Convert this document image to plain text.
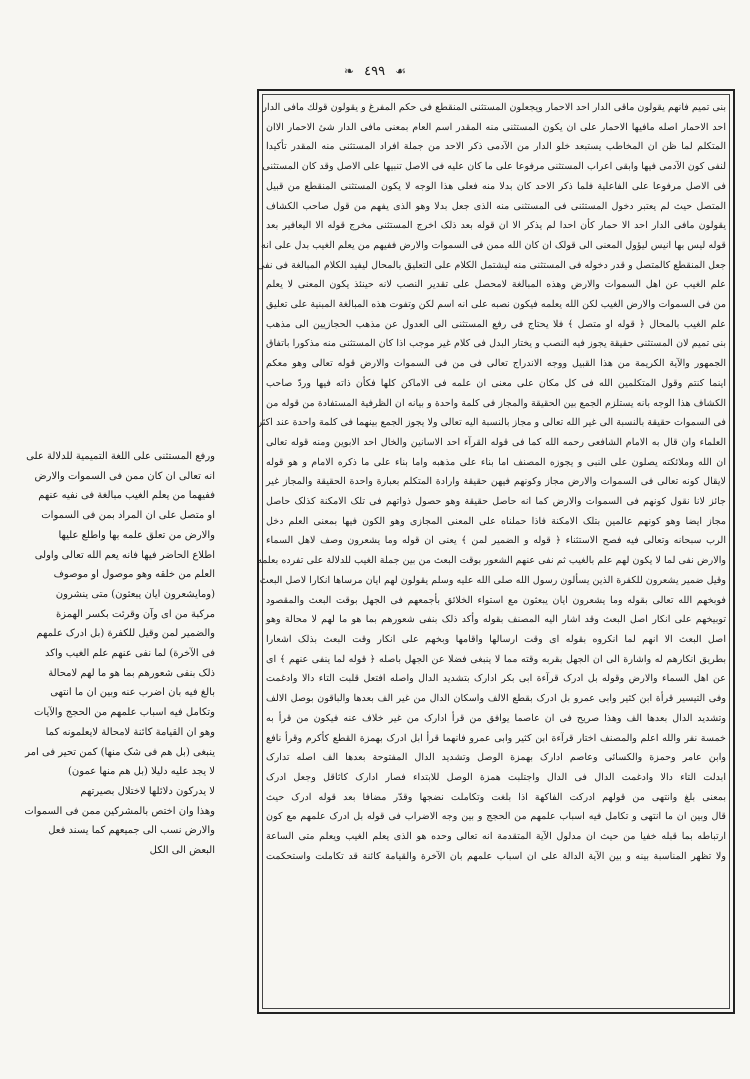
❧ ٤٩٩ ☙

بنی تمیم فانهم یقولون ماقی الدار احد الاحمار ویجعلون المستثنی المنقطع فی حکم المفرغ و یقولون قولك مافی الدار

احد الاحمار اصله مافیها الاحمار علی ان یکون المستثنی منه المقدر اسم العام بمعنی مافی الدار شئ الاحمار الاان

المتکلم لما ظن ان المخاطب یستبعد خلو الدار من الآدمی ذکر الاحد من جملة افراد المستثنی منه المقدر تأکیدا

لنفی کون الآدمی فیها وابقی اعراب المستثنی مرفوعا علی ما کان علیه فی الاصل تنبیها علی الاصل وقد کان المستثنی

فی الاصل مرفوعا علی الفاعلیة فلما ذکر الاحد کان بدلا منه فعلی هذا الوجه لا یکون المستثنی المنقطع من قبیل

المتصل حیث لم یعتبر دخول المستثنی فی المستثنی منه الذی جعل بدلا وهو الذی یفهم من قول صاحب الکشاف

یقولون مافی الدار احد الا حمار کأن احدا لم یذکر الا ان قوله بعد ذلک اخرج المستثنی مخرج قوله الا الیعافیر بعد

قوله لیس بها انیس لیؤول المعنی الی قولک ان کان الله ممن فی السموات والارض ففیهم من یعلم الغیب بدل علی انه

جعل المنقطع کالمتصل و قدر دخوله فی المستثنی منه لیشتمل الکلام علی التعلیق بالمحال لیفید الکلام المبالغة فی نفی

علم الغیب عن اهل السموات والارض وهذه المبالغة لامحصل علی تقدیر النصب لانه حینئذ یکون المعنی لا یعلم

من فی السموات والارض الغیب لکن الله یعلمه فیکون نصبه علی انه اسم لکن وتفوت هذه المبالغة المبنیة علی تعلیق

علم الغیب بالمحال ﴿ قوله او متصل ﴾ فلا یحتاج فی رفع المستثنی الی العدول عن مذهب الحجازیین الی مذهب

بنی تمیم لان المستثنی حقیقة یجوز فیه النصب و یختار البدل فی کلام غیر موجب اذا کان المستثنی منه مذکورا باتفاق

الجمهور والآیة الکریمة من هذا القبیل ووجه الاندراج تعالی فی من فی السموات والارض قوله تعالی وهو معکم

اینما کنتم وقول المتکلمین الله فی کل مکان علی معنی ان علمه فی الاماکن کلها فکأن ذاته فیها وردّ صاحب

الکشاف هذا الوجه بانه یستلزم الجمع بین الحقیقة والمجاز فی کلمة واحدة و بیانه ان الظرفیة المستفادة من قوله من

فی السموات حقیقة بالنسبة الی غیر الله تعالی و مجاز بالنسبة الیه تعالی ولا یجوز الجمع بینهما فی کلمة واحدة عند اکثر

العلماء وان قال به الامام الشافعی رحمه الله کما فی قوله القرآء احد الاسانین والخال احد الابوین ومنه قوله تعالی

ان الله وملائکته یصلون علی النبی و یجوزه المصنف اما بناء علی مذهبه واما بناء علی ما ذکره الامام و هو قوله

لایقال کونه تعالی فی السموات والارض مجاز وکونهم فیهن حقیقة وارادة المتکلم بعبارة واحدة الحقیقة والمجاز غیر

جائز لانا نقول کونهم فی السموات والارض کما انه حاصل حقیقة وهو حصول ذواتهم فی تلک الامکنة کذلک حاصل

مجاز ایضا وهو کونهم عالمین بتلک الامکنة فاذا حملناه علی المعنی المجازی وهو الکون فیها بمعنی العلم دخل

الرب سبحانه وتعالی فیه فصح الاستثناء ﴿ قوله و الضمیر لمن ﴾ یعنی ان قوله وما یشعرون وصف لاهل السماء

والارض نفی لما لا یکون لهم علم بالغیب ثم نفی عنهم الشعور بوقت البعث من بین جملة الغیب للدلالة علی تفرده بعلمه

وقیل ضمیر یشعرون للکفرة الذین یسألون رسول الله صلی الله علیه وسلم یقولون لهم ایان مرساها انکارا لاصل البعث

فوبخهم الله تعالی بقوله وما یشعرون ایان یبعثون مع استواء الخلائق بأجمعهم فی الجهل بوقت البعث والمقصود

توبیخهم علی انکار اصل البعث وقد اشار الیه المصنف بقوله وأکد ذلک بنفی شعورهم بما هو ما لهم لا محالة وهو

اصل البعث الا انهم لما انکروه بقوله ای وقت ارسالها واقامها وبخهم علی انکار وقت البعث بذلک اشعارا

بطریق انکارهم له واشارة الی ان الجهل بقربه وقته مما لا ینبغی فضلا عن الجهل باصله ﴿ قوله لما ینفی عنهم ﴾ ای

عن اهل السماء والارض وقوله بل ادرک قرآءة ابی بکر ادارک بتشدید الدال واصله افتعل قلبت التاء دالا وادغمت

وفی التیسیر قرأة ابن کثیر وابی عمرو بل ادرک بقطع الالف واسکان الدال من غیر الف بعدها والباقون بوصل الالف

وتشدید الدال بعدها الف وهذا صریح فی ان عاصما یوافق من قرأ ادارک من غیر خلاف عنه فیکون من قرأ به

خمسة نفر والله اعلم والمصنف اختار قرآءة ابن کثیر وابی عمرو فانهما قرأ ابل ادرک بهمزة القطع کأکرم وقرأ نافع

وابن عامر وحمزة والکسائی وعاصم ادارک بهمزة الوصل وتشدید الدال المفتوحة بعدها الف اصله تدارک

ابدلت التاء دالا وادغمت الدال فی الدال واجتلبت همزة الوصل للابتداء فصار ادارک کاثاقل وجعل ادرک

بمعنی بلغ وانتهی من قولهم ادرکت الفاکهة اذا بلغت وتکاملت نضجها وقدّر مضافا بعد قوله ادرک حیث

قال وبین ان ما انتهی و تکامل فیه اسباب علمهم من الحجج و بین وجه الاضراب فی قوله بل ادرک علمهم مع کون

ارتباطه بما قبله خفیا من حیث ان مدلول الآیة المتقدمة انه تعالی وحده هو الذی یعلم الغیب ویعلم متی الساعة

ولا تظهر المناسبة بینه و بین الآیة الدالة علی ان اسباب علمهم بان الآخرة والقیامة کائنة قد تکاملت واستحکمت

ورفع المستثنی علی اللغة التمیمیة للدلالة علی

انه تعالی ان کان ممن فی السموات والارض

ففیهما من یعلم الغیب مبالغة فی نفیه عنهم

او متصل علی ان المراد بمن فی السموات

والارض من تعلق علمه بها واطلع علیها

اطلاع الحاضر فیها فانه یعم الله تعالی واولی

العلم من خلقه وهو موصول او موصوف

(ومایشعرون ایان یبعثون) متی ینشرون

مرکبة من ای وآن وقرئت بکسر الهمزة

والضمیر لمن وقیل للکفرة (بل ادرک علمهم

فی الآخرة) لما نفی عنهم علم الغیب واکد

ذلک بنفی شعورهم بما هو ما لهم لامحالة

بالغ فیه بان اضرب عنه وبین ان ما انتهی

وتکامل فیه اسباب علمهم من الحجج والآیات

وهو ان القیامة کائنة لامحالة لایعلمونه کما

ینبغی (بل هم فی شک منها) کمن تحیر فی امر

لا یجد علیه دلیلا (بل هم منها عمون)

لا یدرکون دلائلها لاختلال بصیرتهم

وهذا وان اختص بالمشرکین ممن فی السموات

والارض نسب الی جمیعهم کما یسند فعل

البعض الی الکل
